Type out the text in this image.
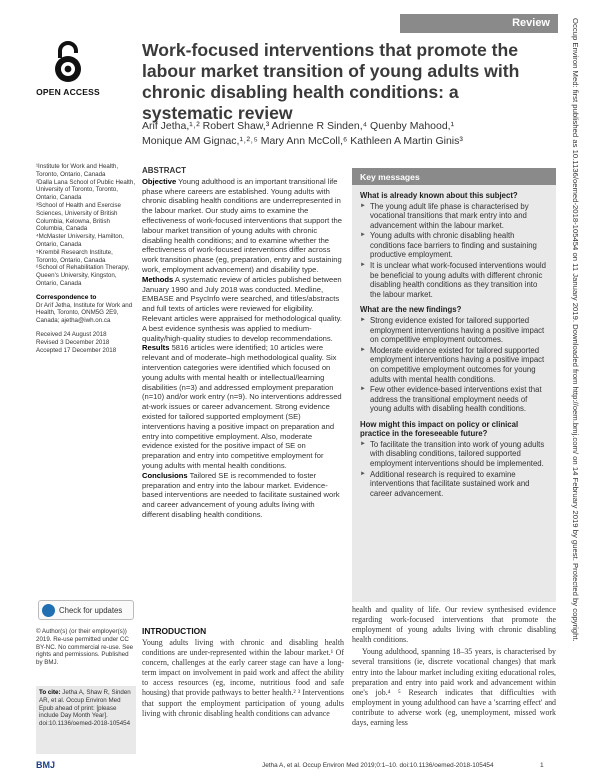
Review
OPEN ACCESS
Work-focused interventions that promote the labour market transition of young adults with chronic disabling health conditions: a systematic review
Arif Jetha,¹˒² Robert Shaw,³ Adrienne R Sinden,⁴ Quenby Mahood,¹
Monique AM Gignac,¹˒²˒⁵ Mary Ann McColl,⁶ Kathleen A Martin Ginis³

¹Institute for Work and Health, Toronto, Ontario, Canada

²Dalla Lana School of Public Health, University of Toronto, Toronto, Ontario, Canada

³School of Health and Exercise Sciences, University of British Columbia, Kelowna, British Columbia, Canada

⁴McMaster University, Hamilton, Ontario, Canada

⁵Krembil Research Institute, Toronto, Ontario, Canada

⁶School of Rehabilitation Therapy, Queen's University, Kingston, Ontario, Canada

Correspondence to

Dr Arif Jetha, Institute for Work and Health, Toronto, ONM5G 2E9, Canada; ajetha@iwh.on.ca

Received 24 August 2018

Revised 3 December 2018

Accepted 17 December 2018

Check for updates
© Author(s) (or their employer(s)) 2019. Re-use permitted under CC BY-NC. No commercial re-use. See rights and permissions. Published by BMJ.
To cite: Jetha A, Shaw R, Sinden AR, et al. Occup Environ Med Epub ahead of print: [please include Day Month Year]. doi:10.1136/oemed-2018-105454
ABSTRACT

Objective Young adulthood is an important transitional life phase where careers are established. Young adults with chronic disabling health conditions are underrepresented in the labour market. Our study aims to examine the effectiveness of work-focused interventions that support the labour market transition of young adults with chronic disabling health conditions; and to examine whether the effectiveness of work-focused interventions differ across work transition phase (eg, preparation, entry and sustaining work, employment advancement) and disability type.

Methods A systematic review of articles published between January 1990 and July 2018 was conducted. Medline, EMBASE and PsycInfo were searched, and titles/abstracts and full texts of articles were reviewed for eligibility. Relevant articles were appraised for methodological quality. A best evidence synthesis was applied to medium-quality/high-quality studies to develop recommendations.

Results 5816 articles were identified; 10 articles were relevant and of moderate–high methodological quality. Six intervention categories were identified which focused on young adults with mental health or intellectual/learning disabilities (n=3) and addressed employment preparation (n=10) and/or work entry (n=9). No interventions addressed at-work issues or career advancement. Strong evidence existed for tailored supported employment (SE) interventions having a positive impact on preparation and entry into competitive employment. Also, moderate evidence existed for the positive impact of SE on preparation and entry into competitive employment for young adults with mental health conditions.

Conclusions Tailored SE is recommended to foster preparation and entry into the labour market. Evidence-based interventions are needed to facilitate sustained work and career advancement of young adults living with different disabling health conditions.

Key messages
What is already known about this subject?
► The young adult life phase is characterised by vocational transitions that mark entry into and advancement within the labour market.
► Young adults with chronic disabling health conditions face barriers to finding and sustaining productive employment.
► It is unclear what work-focused interventions would be beneficial to young adults with different chronic disabling health conditions as they transition into the labour market.
What are the new findings?
► Strong evidence existed for tailored supported employment interventions having a positive impact on competitive employment outcomes.
► Moderate evidence existed for tailored supported employment interventions having a positive impact on competitive employment outcomes for young adults with mental health conditions.
► Few other evidence-based interventions exist that address the transitional employment needs of young adults with disabling health conditions.
How might this impact on policy or clinical practice in the foreseeable future?
► To facilitate the transition into work of young adults with disabling conditions, tailored supported employment interventions should be implemented.
► Additional research is required to examine interventions that facilitate sustained work and career advancement.
INTRODUCTION
Young adults living with chronic and disabling health conditions are under-represented within the labour market.¹ Of concern, challenges at the early career stage can have a long-term impact on involvement in paid work and affect the ability to access resources (eg, income, nutritious food and safe housing) that provide pathways to better health.² ³ Interventions that support the employment participation of young adults living with chronic disabling health conditions can advance

health and quality of life. Our review synthesised evidence regarding work-focused interventions that promote the employment of young adults living with chronic disabling health conditions.

Young adulthood, spanning 18–35 years, is characterised by several transitions (ie, discrete vocational changes) that mark entry into the labour market including exiting educational roles, preparation and entry into paid work and advancement within one's job.⁴ ⁵ Research indicates that difficulties with employment in young adulthood can have a 'scarring effect' and contribute to adverse work (eg, unemployment, missed work days, earning less

BMJ	Jetha A, et al. Occup Environ Med 2019;0:1–10. doi:10.1136/oemed-2018-105454	1
Occup Environ Med: first published as 10.1136/oemed-2018-105454 on 11 January 2019. Downloaded from http://oem.bmj.com/ on 14 February 2019 by guest. Protected by copyright.
